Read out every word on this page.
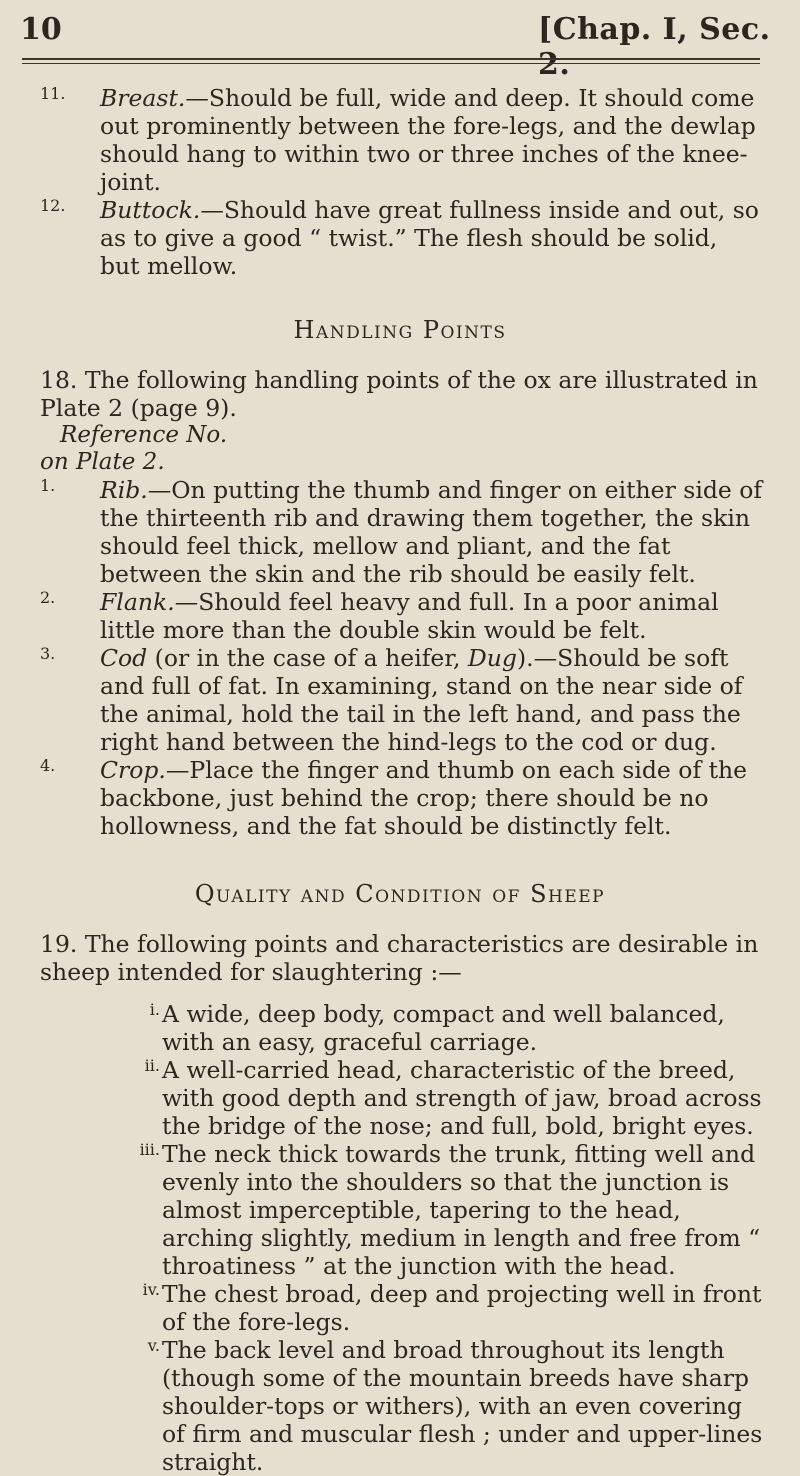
10	[Chap. I, Sec. 2.
11. Breast.—Should be full, wide and deep. It should come out prominently between the fore-legs, and the dewlap should hang to within two or three inches of the knee-joint.

12. Buttock.—Should have great fullness inside and out, so as to give a good “ twist.” The flesh should be solid, but mellow.

Handling Points

18. The following handling points of the ox are illustrated in Plate 2 (page 9).

Reference No.

on Plate 2.

1. Rib.—On putting the thumb and finger on either side of the thirteenth rib and drawing them together, the skin should feel thick, mellow and pliant, and the fat between the skin and the rib should be easily felt.

2. Flank.—Should feel heavy and full. In a poor animal little more than the double skin would be felt.

3. Cod (or in the case of a heifer, Dug).—Should be soft and full of fat. In examining, stand on the near side of the animal, hold the tail in the left hand, and pass the right hand between the hind-legs to the cod or dug.

4. Crop.—Place the finger and thumb on each side of the backbone, just behind the crop; there should be no hollowness, and the fat should be distinctly felt.

Quality and Condition of Sheep

19. The following points and characteristics are desirable in sheep intended for slaughtering :—

i. A wide, deep body, compact and well balanced, with an easy, graceful carriage.

ii. A well-carried head, characteristic of the breed, with good depth and strength of jaw, broad across the bridge of the nose; and full, bold, bright eyes.

iii. The neck thick towards the trunk, fitting well and evenly into the shoulders so that the junction is almost imperceptible, tapering to the head, arching slightly, medium in length and free from “ throatiness ” at the junction with the head.

iv. The chest broad, deep and projecting well in front of the fore-legs.

v. The back level and broad throughout its length (though some of the mountain breeds have sharp shoulder-tops or withers), with an even covering of firm and muscular flesh ; under and upper-lines straight.
